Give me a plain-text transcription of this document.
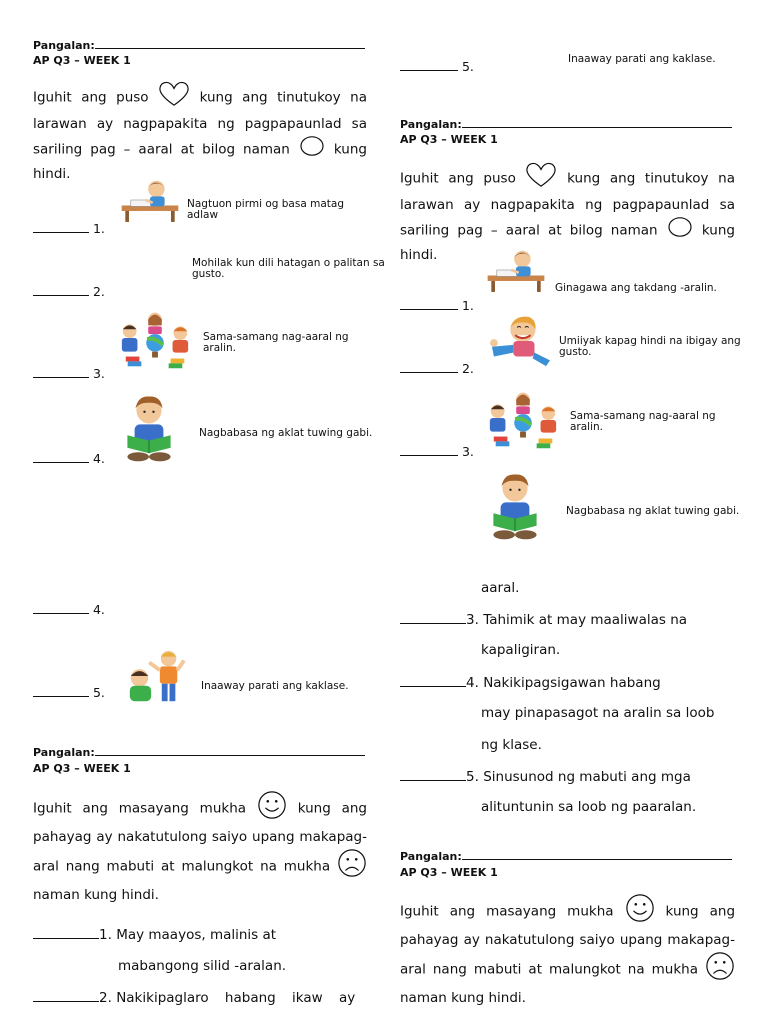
Pangalan:
AP Q3 – WEEK 1
Iguhit ang puso	kung ang tinutukoy na larawan ay nagpapakita ng pagpapaunlad sa sariling pag – aaral at bilog naman	kung hindi.
Nagtuon pirmi og basa matag adlaw
1.
Mohilak kun dili hatagan o palitan sa gusto.
2.
Sama-samang nag-aaral ng aralin.
3.
Nagbabasa ng aklat tuwing gabi.
4.
4.
Inaaway parati ang kaklase.
5.
Pangalan:
AP Q3 – WEEK 1
Iguhit ang masayang mukha	kung ang pahayag ay nakatutulong saiyo upang makapag-aral nang mabuti at malungkot na mukha  naman kung hindi.
1. May maayos, malinis at
mabangong silid -aralan.
2. Nakikipaglaro habang ikaw ay
5.	Inaaway parati ang kaklase.
Pangalan:
AP Q3 – WEEK 1
Iguhit ang puso	kung ang tinutukoy na larawan ay nagpapakita ng pagpapaunlad sa sariling pag – aaral at bilog naman	kung hindi.
Ginagawa ang takdang -aralin.
1.
Umiiyak kapag hindi na ibigay ang gusto.
2.
Sama-samang nag-aaral ng aralin.
3.
Nagbabasa ng aklat tuwing gabi.
aaral.
3. Tahimik at may maaliwalas na
kapaligiran.
4. Nakikipagsigawan habang
may pinapasagot na aralin sa loob
ng klase.
5. Sinusunod ng mabuti ang mga
alituntunin sa loob ng paaralan.
Pangalan:
AP Q3 – WEEK 1
Iguhit ang masayang mukha	kung ang pahayag ay nakatutulong saiyo upang makapag-aral nang mabuti at malungkot na mukha  naman kung hindi.
